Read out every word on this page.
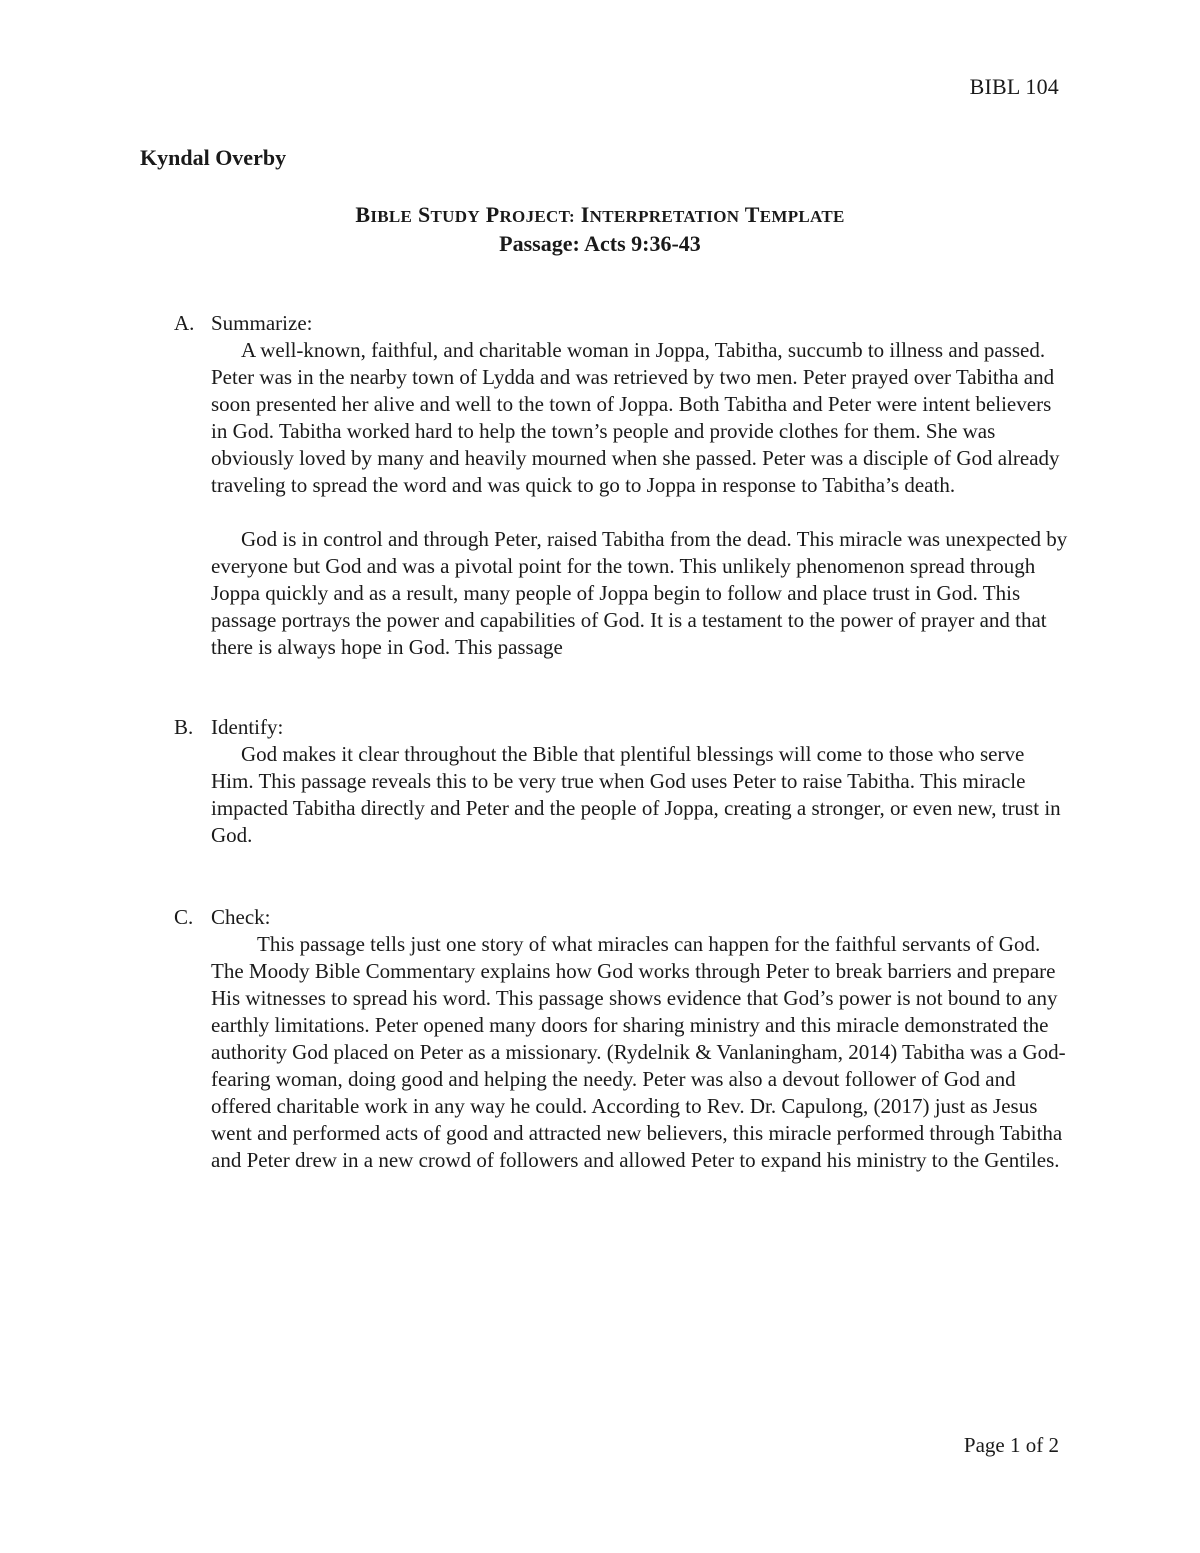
BIBL 104
Kyndal Overby
BIBLE STUDY PROJECT: INTERPRETATION TEMPLATE
Passage: Acts 9:36-43
A. Summarize:

A well-known, faithful, and charitable woman in Joppa, Tabitha, succumb to illness and passed. Peter was in the nearby town of Lydda and was retrieved by two men. Peter prayed over Tabitha and soon presented her alive and well to the town of Joppa. Both Tabitha and Peter were intent believers in God. Tabitha worked hard to help the town’s people and provide clothes for them. She was obviously loved by many and heavily mourned when she passed. Peter was a disciple of God already traveling to spread the word and was quick to go to Joppa in response to Tabitha’s death.

God is in control and through Peter, raised Tabitha from the dead. This miracle was unexpected by everyone but God and was a pivotal point for the town. This unlikely phenomenon spread through Joppa quickly and as a result, many people of Joppa begin to follow and place trust in God. This passage portrays the power and capabilities of God. It is a testament to the power of prayer and that there is always hope in God. This passage

B. Identify:

God makes it clear throughout the Bible that plentiful blessings will come to those who serve Him. This passage reveals this to be very true when God uses Peter to raise Tabitha. This miracle impacted Tabitha directly and Peter and the people of Joppa, creating a stronger, or even new, trust in God.

C. Check:

This passage tells just one story of what miracles can happen for the faithful servants of God. The Moody Bible Commentary explains how God works through Peter to break barriers and prepare His witnesses to spread his word. This passage shows evidence that God’s power is not bound to any earthly limitations. Peter opened many doors for sharing ministry and this miracle demonstrated the authority God placed on Peter as a missionary. (Rydelnik & Vanlaningham, 2014) Tabitha was a God-fearing woman, doing good and helping the needy. Peter was also a devout follower of God and offered charitable work in any way he could. According to Rev. Dr. Capulong, (2017) just as Jesus went and performed acts of good and attracted new believers, this miracle performed through Tabitha and Peter drew in a new crowd of followers and allowed Peter to expand his ministry to the Gentiles.

Page 1 of 2
